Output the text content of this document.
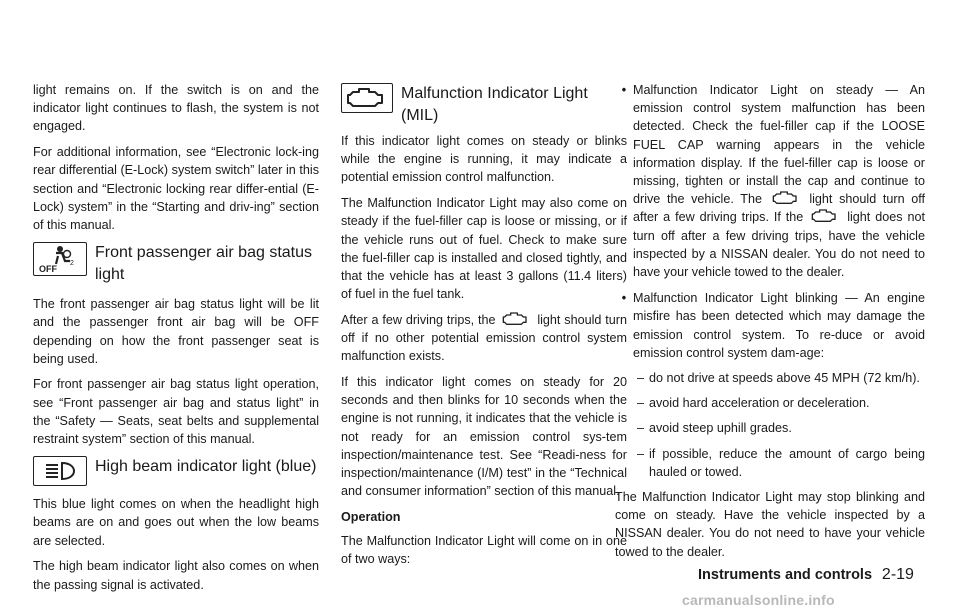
light remains on. If the switch is on and the indicator light continues to flash, the system is not engaged.

For additional information, see “Electronic lock-ing rear differential (E-Lock) system switch” later in this section and “Electronic locking rear differ-ential (E-Lock) system” in the “Starting and driv-ing” section of this manual.

OFF
2
Front passenger air bag status light

The front passenger air bag status light will be lit and the passenger front air bag will be OFF depending on how the front passenger seat is being used.

For front passenger air bag status light operation, see “Front passenger air bag and status light” in the “Safety — Seats, seat belts and supplemental restraint system” section of this manual.

High beam indicator light (blue)

This blue light comes on when the headlight high beams are on and goes out when the low beams are selected.

The high beam indicator light also comes on when the passing signal is activated.

Malfunction Indicator Light (MIL)

If this indicator light comes on steady or blinks while the engine is running, it may indicate a potential emission control malfunction.

The Malfunction Indicator Light may also come on steady if the fuel-filler cap is loose or missing, or if the vehicle runs out of fuel. Check to make sure the fuel-filler cap is installed and closed tightly, and that the vehicle has at least 3 gallons (11.4 liters) of fuel in the fuel tank.

After a few driving trips, the	light should turn off if no other potential emission control system malfunction exists.

If this indicator light comes on steady for 20 seconds and then blinks for 10 seconds when the engine is not running, it indicates that the vehicle is not ready for an emission control sys-tem inspection/maintenance test. See “Readi-ness for inspection/maintenance (I/M) test” in the “Technical and consumer information” section of this manual.

Operation

The Malfunction Indicator Light will come on in one of two ways:

• Malfunction Indicator Light on steady — An emission control system malfunction has been detected. Check the fuel-filler cap if the LOOSE FUEL CAP warning appears in the vehicle information display. If the fuel-filler cap is loose or missing, tighten or install the cap and continue to drive the vehicle. The	light should turn off after a few driving trips. If the	light does not turn off after a few driving trips, have the vehicle inspected by a NISSAN dealer. You do not need to have your vehicle towed to the dealer.
• Malfunction Indicator Light blinking — An engine misfire has been detected which may damage the emission control system. To re-duce or avoid emission control system dam-age:
– do not drive at speeds above 45 MPH (72 km/h).
– avoid hard acceleration or deceleration.
– avoid steep uphill grades.
– if possible, reduce the amount of cargo being hauled or towed.

The Malfunction Indicator Light may stop blinking and come on steady. Have the vehicle inspected by a NISSAN dealer. You do not need to have your vehicle towed to the dealer.

Instruments and controls 2-19
carmanualsonline.info
